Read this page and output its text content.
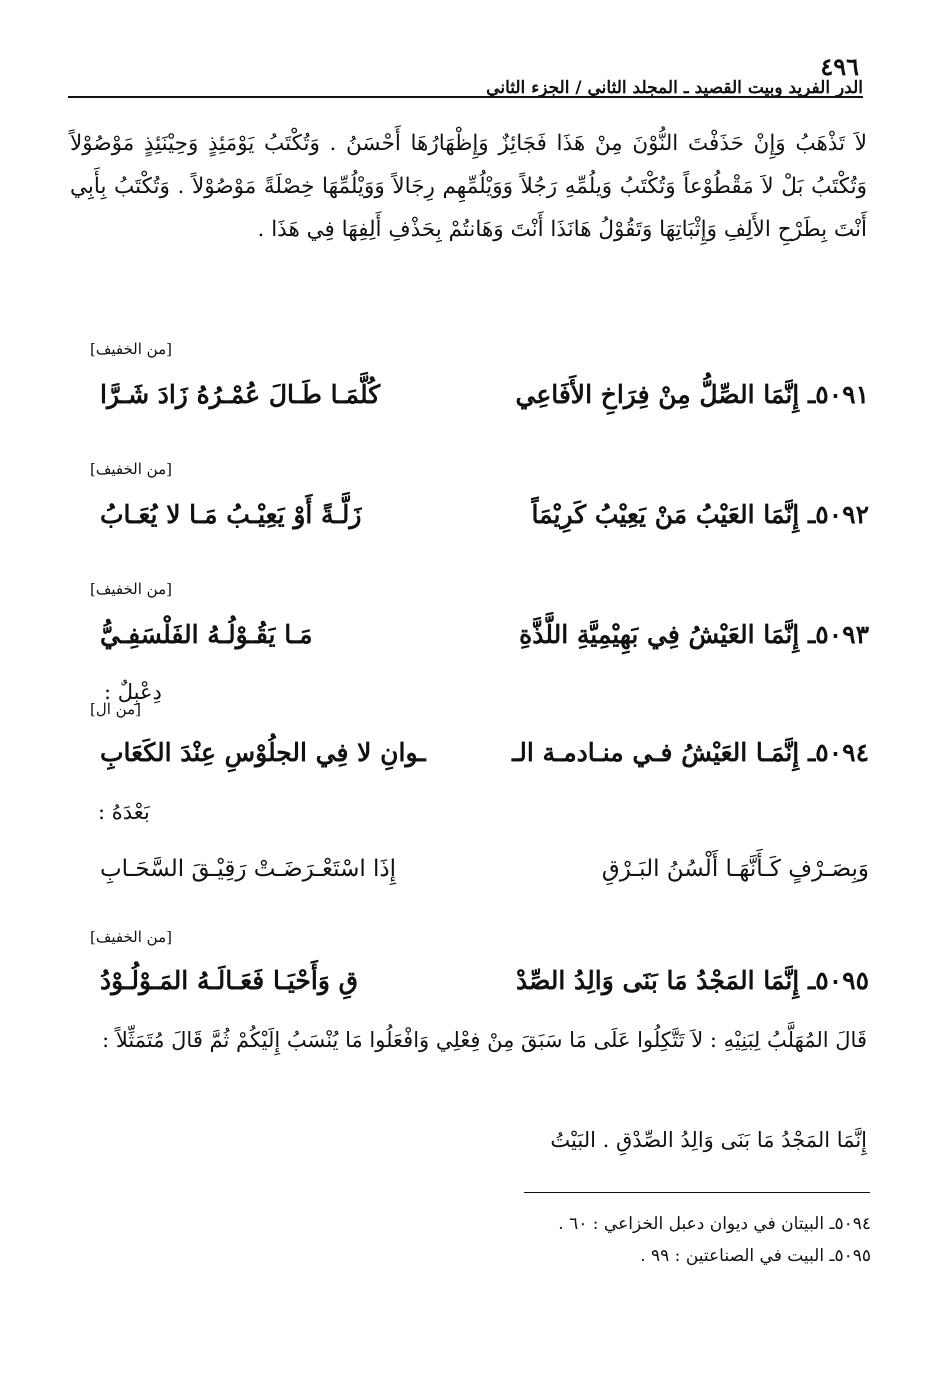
٤٩٦
الدر الفريد وبيت القصيد ـ المجلد الثاني / الجزء الثاني
لاَ تَذْهَبُ وَإِنْ حَذَفْتَ النُّوْنَ مِنْ هَذَا فَجَائِزٌ وَإِظْهَارُهَا أَحْسَنُ . وَتُكْتَبُ يَوْمَئِذٍ وَحِيْنَئِذٍ مَوْصُوْلاً وَتُكْتَبُ بَلْ لاَ مَقْطُوْعاً وَتُكْتَبُ وَيلُمِّهِ رَجُلاً وَوَيْلُمِّهِم رِجَالاً وَوَيْلُمِّهَا خِصْلَةً مَوْصُوْلاً . وَتُكْتَبُ بِأَبِي أَنْتَ بِطَرْحِ الأَلِفِ وَإِثْبَاتِهَا وَتَقُوْلُ هَانَذَا أَنْتَ وَهَانتُمْ بِحَذْفِ أَلِفِهَا فِي هَذَا .
[من الخفيف]
٥٠٩١ـ إِنَّمَا الصِّلُّ مِنْ فِرَاخِ الأَفَاعِي
كُلَّمَـا طَـالَ عُمْـرُهُ زَادَ شَـرَّا
[من الخفيف]
٥٠٩٢ـ إِنَّمَا العَيْبُ مَنْ يَعِيْبُ كَرِيْمَاً
زَلَّـةً أَوْ يَعِيْـبُ مَـا لا يُعَـابُ
[من الخفيف]
٥٠٩٣ـ إِنَّمَا العَيْشُ فِي بَهِيْمِيَّةِ اللَّذَّةِ
مَـا يَقُـوْلُـهُ الفَلْسَفِـيُّ
دِعْبِلٌ :
[من ال]
٥٠٩٤ـ إِنَّمَـا العَيْشُ فـي منـادمـة الـ
ـوانِ لا فِي الجلُوْسِ عِنْدَ الكَعَابِ
بَعْدَهُ :
وَبِصَـرْفٍ كَـأَنَّهَـا أَلْسُنُ البَـرْقِ
إِذَا اسْتَعْـرَضَـتْ رَقِيْـقَ السَّحَـابِ
[من الخفيف]
٥٠٩٥ـ إِنَّمَا المَجْدُ مَا بَنَى وَالِدُ الصِّدْ
قِ وَأَحْيَـا فَعَـالَـهُ المَـوْلُـوْدُ
قَالَ المُهَلَّبُ لِبَنِيْهِ : لاَ تَتَّكِلُوا عَلَى مَا سَبَقَ مِنْ فِعْلِي وَافْعَلُوا مَا يُنْسَبُ إِلَيْكُمْ ثُمَّ قَالَ مُتَمَثِّلاً :
إِنَّمَا المَجْدُ مَا بَنَى وَالِدُ الصِّدْقِ . البَيْتُ
٥٠٩٤ـ البيتان في ديوان دعبل الخزاعي : ٦٠ .
٥٠٩٥ـ البيت في الصناعتين : ٩٩ .
